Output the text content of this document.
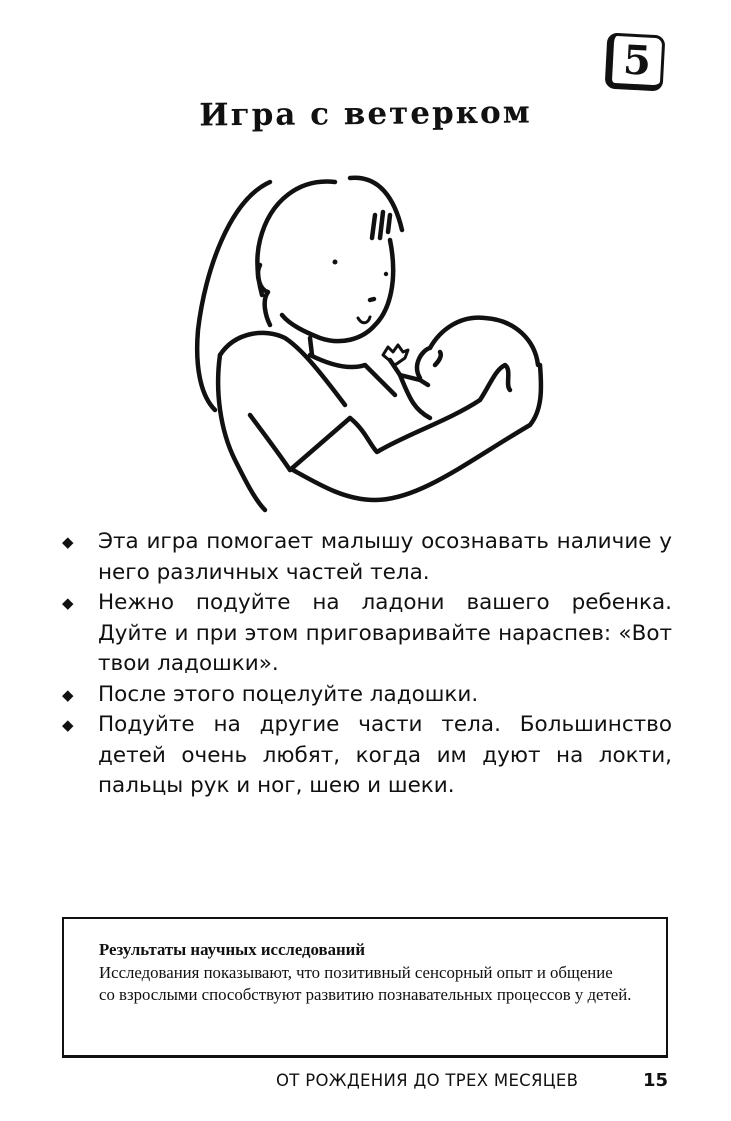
5
Игра с ветерком
◆ Эта игра помогает малышу осознавать наличие у него различных частей тела.
◆ Нежно подуйте на ладони вашего ребенка. Дуйте и при этом приговаривайте нараспев: «Вот твои ладошки».
◆ После этого поцелуйте ладошки.
◆ Подуйте на другие части тела. Большинство детей очень любят, когда им дуют на локти, пальцы рук и ног, шею и шеки.
Результаты научных исследований
Исследования показывают, что позитивный сенсорный опыт и общение со взрослыми способствуют развитию познавательных процессов у детей.
ОТ РОЖДЕНИЯ ДО ТРЕХ МЕСЯЦЕВ	15
